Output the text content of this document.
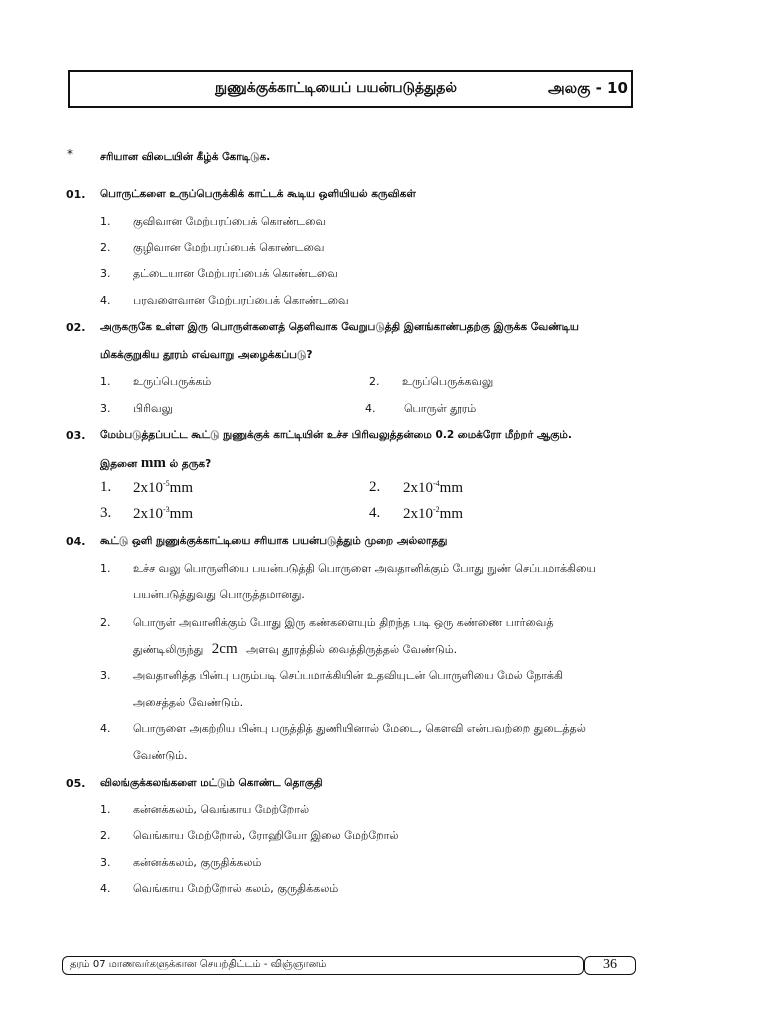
நுணுக்குக்காட்டியைப் பயன்படுத்துதல்	அலகு - 10
*	சரியான விடையின் கீழ்க் கோடிடுக.
01. பொருட்களை உருப்பெருக்கிக் காட்டக் கூடிய ஒளியியல் கருவிகள்
1. குவிவான மேற்பரப்பைக் கொண்டவை
2. குழிவான மேற்பரப்பைக் கொண்டவை
3. தட்டையான மேற்பரப்பைக் கொண்டவை
4. பரவளைவான மேற்பரப்பைக் கொண்டவை
02. அருகருகே உள்ள இரு பொருள்களைத் தெளிவாக வேறுபடுத்தி இனங்காண்பதற்கு இருக்க வேண்டிய
மிகக்குறுகிய தூரம் எவ்வாறு அழைக்கப்படு?
1. உருப்பெருக்கம்	2. உருப்பெருக்கவலு
3. பிரிவலு	4.	பொருள் தூரம்
03. மேம்படுத்தப்பட்ட கூட்டு நுணுக்குக் காட்டியின் உச்ச பிரிவலுத்தன்மை 0.2 மைக்ரோ மீற்றர் ஆகும்.
இதனை mm ல் தருக?
1. $2x10^{-5}mm$	2. $2x10^{-4}mm$
3. $2x10^{-3}mm$	4. $2x10^{-2}mm$
04. கூட்டு ஒளி நுணுக்குக்காட்டியை சரியாக பயன்படுத்தும் முறை அல்லாதது
1. உச்ச வலு பொருளியை பயன்படுத்தி பொருளை அவதானிக்கும் போது நுண் செப்பமாக்கியை
பயன்படுத்துவது பொருத்தமானது.
2. பொருள் அவானிக்கும் போது இரு கண்களையும் திறந்த படி ஒரு கண்ணை பார்வைத்
துண்டிலிருந்து 2cm அளவு தூரத்தில் வைத்திருத்தல் வேண்டும்.
3. அவதானித்த பின்பு பரும்படி செப்பமாக்கியின் உதவியுடன் பொருளியை மேல் நோக்கி
அசைத்தல் வேண்டும்.
4. பொருளை அகற்றிய பின்பு பருத்தித் துணியினால் மேடை, கௌவி என்பவற்றை துடைத்தல்
வேண்டும்.
05. விலங்குக்கலங்களை மட்டும் கொண்ட தொகுதி
1. கன்னக்கலம், வெங்காய மேற்றோல்
2. வெங்காய மேற்றோல், ரோஹியோ இலை மேற்றோல்
3. கன்னக்கலம், குருதிக்கலம்
4. வெங்காய மேற்றோல் கலம், குருதிக்கலம்
தரம் 07 மாணவர்களுக்கான செயற்திட்டம் - விஞ்ஞானம்	36
